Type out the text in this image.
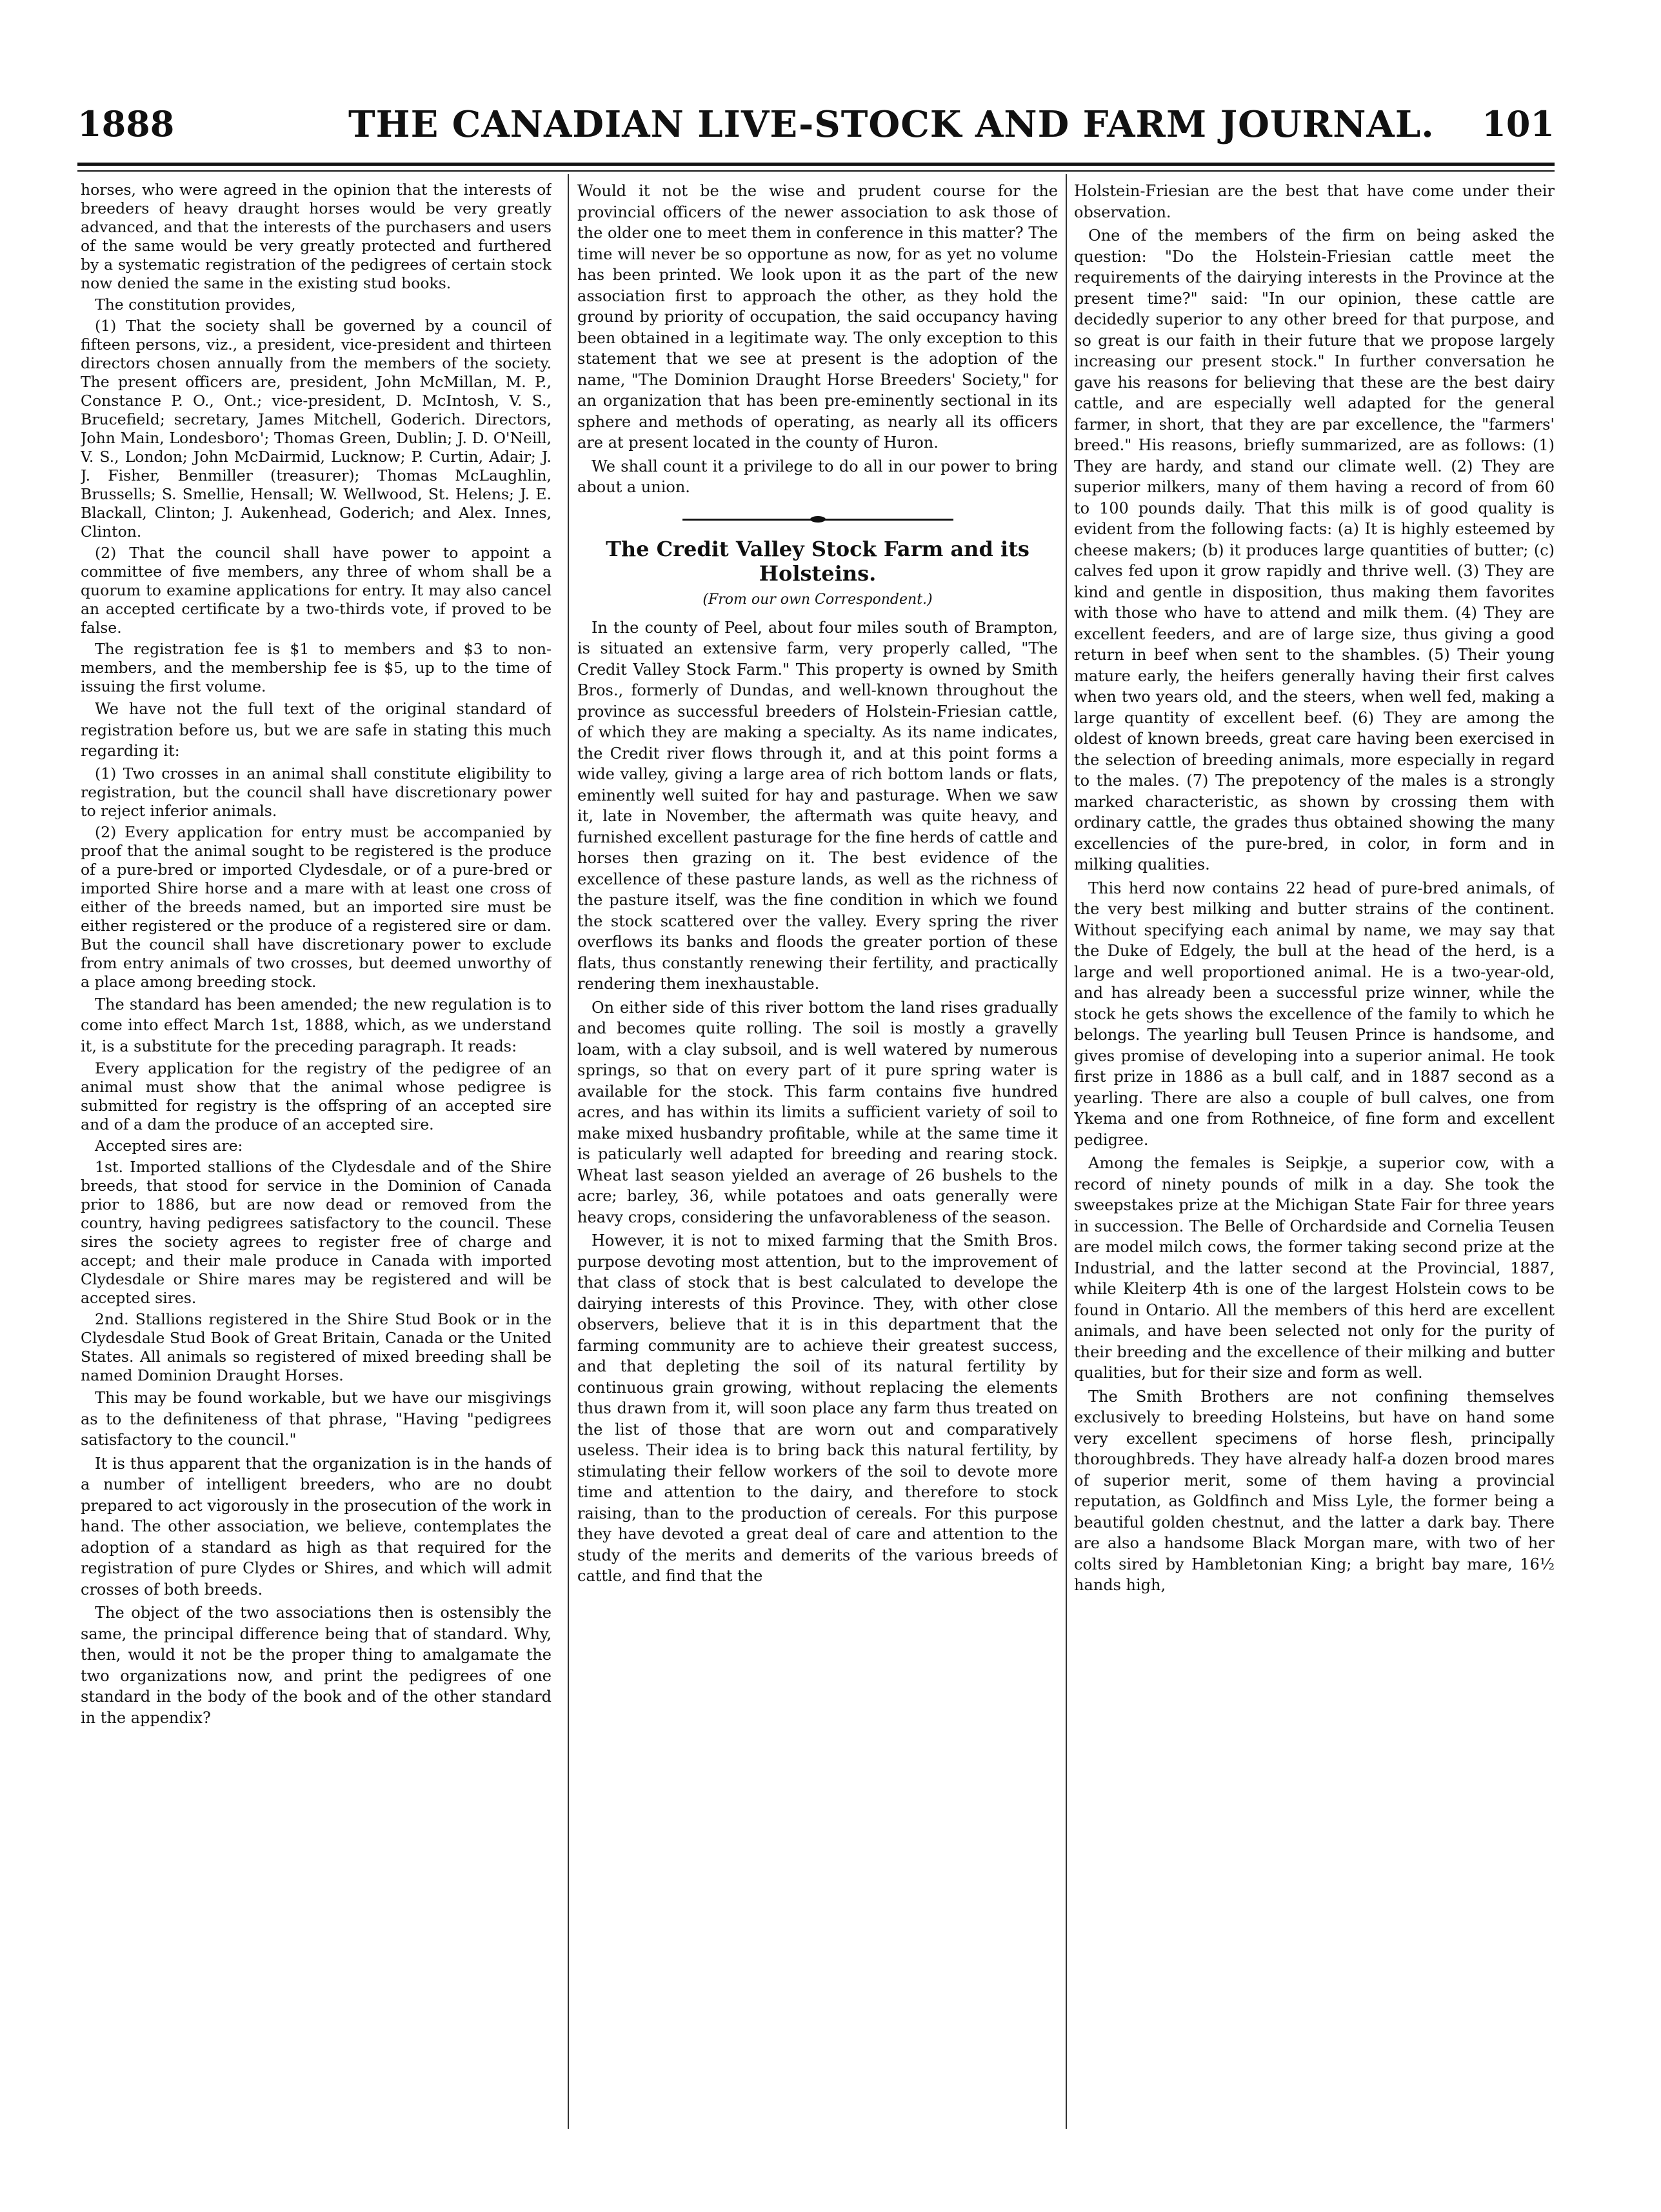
1888	THE CANADIAN LIVE-STOCK AND FARM JOURNAL. 101

horses, who were agreed in the opinion that the interests of breeders of heavy draught horses would be very greatly advanced, and that the interests of the purchasers and users of the same would be very greatly protected and furthered by a systematic registration of the pedigrees of certain stock now denied the same in the existing stud books.

The constitution provides,

(1) That the society shall be governed by a council of fifteen persons, viz., a president, vice-president and thirteen directors chosen annually from the members of the society. The present officers are, president, John McMillan, M. P., Constance P. O., Ont.; vice-president, D. McIntosh, V. S., Brucefield; secretary, James Mitchell, Goderich. Directors, John Main, Londesboro'; Thomas Green, Dublin; J. D. O'Neill, V. S., London; John McDairmid, Lucknow; P. Curtin, Adair; J. J. Fisher, Benmiller (treasurer); Thomas McLaughlin, Brussells; S. Smellie, Hensall; W. Wellwood, St. Helens; J. E. Blackall, Clinton; J. Aukenhead, Goderich; and Alex. Innes, Clinton.

(2) That the council shall have power to appoint a committee of five members, any three of whom shall be a quorum to examine applications for entry. It may also cancel an accepted certificate by a two-thirds vote, if proved to be false.

The registration fee is $1 to members and $3 to non-members, and the membership fee is $5, up to the time of issuing the first volume.

We have not the full text of the original standard of registration before us, but we are safe in stating this much regarding it:

(1) Two crosses in an animal shall constitute eligibility to registration, but the council shall have discretionary power to reject inferior animals.

(2) Every application for entry must be accompanied by proof that the animal sought to be registered is the produce of a pure-bred or imported Clydesdale, or of a pure-bred or imported Shire horse and a mare with at least one cross of either of the breeds named, but an imported sire must be either registered or the produce of a registered sire or dam. But the council shall have discretionary power to exclude from entry animals of two crosses, but deemed unworthy of a place among breeding stock.

The standard has been amended; the new regulation is to come into effect March 1st, 1888, which, as we understand it, is a substitute for the preceding paragraph. It reads:

Every application for the registry of the pedigree of an animal must show that the animal whose pedigree is submitted for registry is the offspring of an accepted sire and of a dam the produce of an accepted sire.

Accepted sires are:

1st. Imported stallions of the Clydesdale and of the Shire breeds, that stood for service in the Dominion of Canada prior to 1886, but are now dead or removed from the country, having pedigrees satisfactory to the council. These sires the society agrees to register free of charge and accept; and their male produce in Canada with imported Clydesdale or Shire mares may be registered and will be accepted sires.

2nd. Stallions registered in the Shire Stud Book or in the Clydesdale Stud Book of Great Britain, Canada or the United States. All animals so registered of mixed breeding shall be named Dominion Draught Horses.

This may be found workable, but we have our misgivings as to the definiteness of that phrase, "Having "pedigrees satisfactory to the council."

It is thus apparent that the organization is in the hands of a number of intelligent breeders, who are no doubt prepared to act vigorously in the prosecution of the work in hand. The other association, we believe, contemplates the adoption of a standard as high as that required for the registration of pure Clydes or Shires, and which will admit crosses of both breeds.

The object of the two associations then is ostensibly the same, the principal difference being that of standard. Why, then, would it not be the proper thing to amalgamate the two organizations now, and print the pedigrees of one standard in the body of the book and of the other standard in the appendix?

Would it not be the wise and prudent course for the provincial officers of the newer association to ask those of the older one to meet them in conference in this matter? The time will never be so opportune as now, for as yet no volume has been printed. We look upon it as the part of the new association first to approach the other, as they hold the ground by priority of occupation, the said occupancy having been obtained in a legitimate way. The only exception to this statement that we see at present is the adoption of the name, "The Dominion Draught Horse Breeders' Society," for an organization that has been pre-eminently sectional in its sphere and methods of operating, as nearly all its officers are at present located in the county of Huron.

We shall count it a privilege to do all in our power to bring about a union.

The Credit Valley Stock Farm and its Holsteins.
(From our own Correspondent.)

In the county of Peel, about four miles south of Brampton, is situated an extensive farm, very properly called, "The Credit Valley Stock Farm." This property is owned by Smith Bros., formerly of Dundas, and well-known throughout the province as successful breeders of Holstein-Friesian cattle, of which they are making a specialty. As its name indicates, the Credit river flows through it, and at this point forms a wide valley, giving a large area of rich bottom lands or flats, eminently well suited for hay and pasturage. When we saw it, late in November, the aftermath was quite heavy, and furnished excellent pasturage for the fine herds of cattle and horses then grazing on it. The best evidence of the excellence of these pasture lands, as well as the richness of the pasture itself, was the fine condition in which we found the stock scattered over the valley. Every spring the river overflows its banks and floods the greater portion of these flats, thus constantly renewing their fertility, and practically rendering them inexhaustable.

On either side of this river bottom the land rises gradually and becomes quite rolling. The soil is mostly a gravelly loam, with a clay subsoil, and is well watered by numerous springs, so that on every part of it pure spring water is available for the stock. This farm contains five hundred acres, and has within its limits a sufficient variety of soil to make mixed husbandry profitable, while at the same time it is paticularly well adapted for breeding and rearing stock. Wheat last season yielded an average of 26 bushels to the acre; barley, 36, while potatoes and oats generally were heavy crops, considering the unfavorableness of the season.

However, it is not to mixed farming that the Smith Bros. purpose devoting most attention, but to the improvement of that class of stock that is best calculated to develope the dairying interests of this Province. They, with other close observers, believe that it is in this department that the farming community are to achieve their greatest success, and that depleting the soil of its natural fertility by continuous grain growing, without replacing the elements thus drawn from it, will soon place any farm thus treated on the list of those that are worn out and comparatively useless. Their idea is to bring back this natural fertility, by stimulating their fellow workers of the soil to devote more time and attention to the dairy, and therefore to stock raising, than to the production of cereals. For this purpose they have devoted a great deal of care and attention to the study of the merits and demerits of the various breeds of cattle, and find that the

Holstein-Friesian are the best that have come under their observation.

One of the members of the firm on being asked the question: "Do the Holstein-Friesian cattle meet the requirements of the dairying interests in the Province at the present time?" said: "In our opinion, these cattle are decidedly superior to any other breed for that purpose, and so great is our faith in their future that we propose largely increasing our present stock." In further conversation he gave his reasons for believing that these are the best dairy cattle, and are especially well adapted for the general farmer, in short, that they are par excellence, the "farmers' breed." His reasons, briefly summarized, are as follows: (1) They are hardy, and stand our climate well. (2) They are superior milkers, many of them having a record of from 60 to 100 pounds daily. That this milk is of good quality is evident from the following facts: (a) It is highly esteemed by cheese makers; (b) it produces large quantities of butter; (c) calves fed upon it grow rapidly and thrive well. (3) They are kind and gentle in disposition, thus making them favorites with those who have to attend and milk them. (4) They are excellent feeders, and are of large size, thus giving a good return in beef when sent to the shambles. (5) Their young mature early, the heifers generally having their first calves when two years old, and the steers, when well fed, making a large quantity of excellent beef. (6) They are among the oldest of known breeds, great care having been exercised in the selection of breeding animals, more especially in regard to the males. (7) The prepotency of the males is a strongly marked characteristic, as shown by crossing them with ordinary cattle, the grades thus obtained showing the many excellencies of the pure-bred, in color, in form and in milking qualities.

This herd now contains 22 head of pure-bred animals, of the very best milking and butter strains of the continent. Without specifying each animal by name, we may say that the Duke of Edgely, the bull at the head of the herd, is a large and well proportioned animal. He is a two-year-old, and has already been a successful prize winner, while the stock he gets shows the excellence of the family to which he belongs. The yearling bull Teusen Prince is handsome, and gives promise of developing into a superior animal. He took first prize in 1886 as a bull calf, and in 1887 second as a yearling. There are also a couple of bull calves, one from Ykema and one from Rothneice, of fine form and excellent pedigree.

Among the females is Seipkje, a superior cow, with a record of ninety pounds of milk in a day. She took the sweepstakes prize at the Michigan State Fair for three years in succession. The Belle of Orchardside and Cornelia Teusen are model milch cows, the former taking second prize at the Industrial, and the latter second at the Provincial, 1887, while Kleiterp 4th is one of the largest Holstein cows to be found in Ontario. All the members of this herd are excellent animals, and have been selected not only for the purity of their breeding and the excellence of their milking and butter qualities, but for their size and form as well.

The Smith Brothers are not confining themselves exclusively to breeding Holsteins, but have on hand some very excellent specimens of horse flesh, principally thoroughbreds. They have already half-a dozen brood mares of superior merit, some of them having a provincial reputation, as Goldfinch and Miss Lyle, the former being a beautiful golden chestnut, and the latter a dark bay. There are also a handsome Black Morgan mare, with two of her colts sired by Hambletonian King; a bright bay mare, 16½ hands high,
